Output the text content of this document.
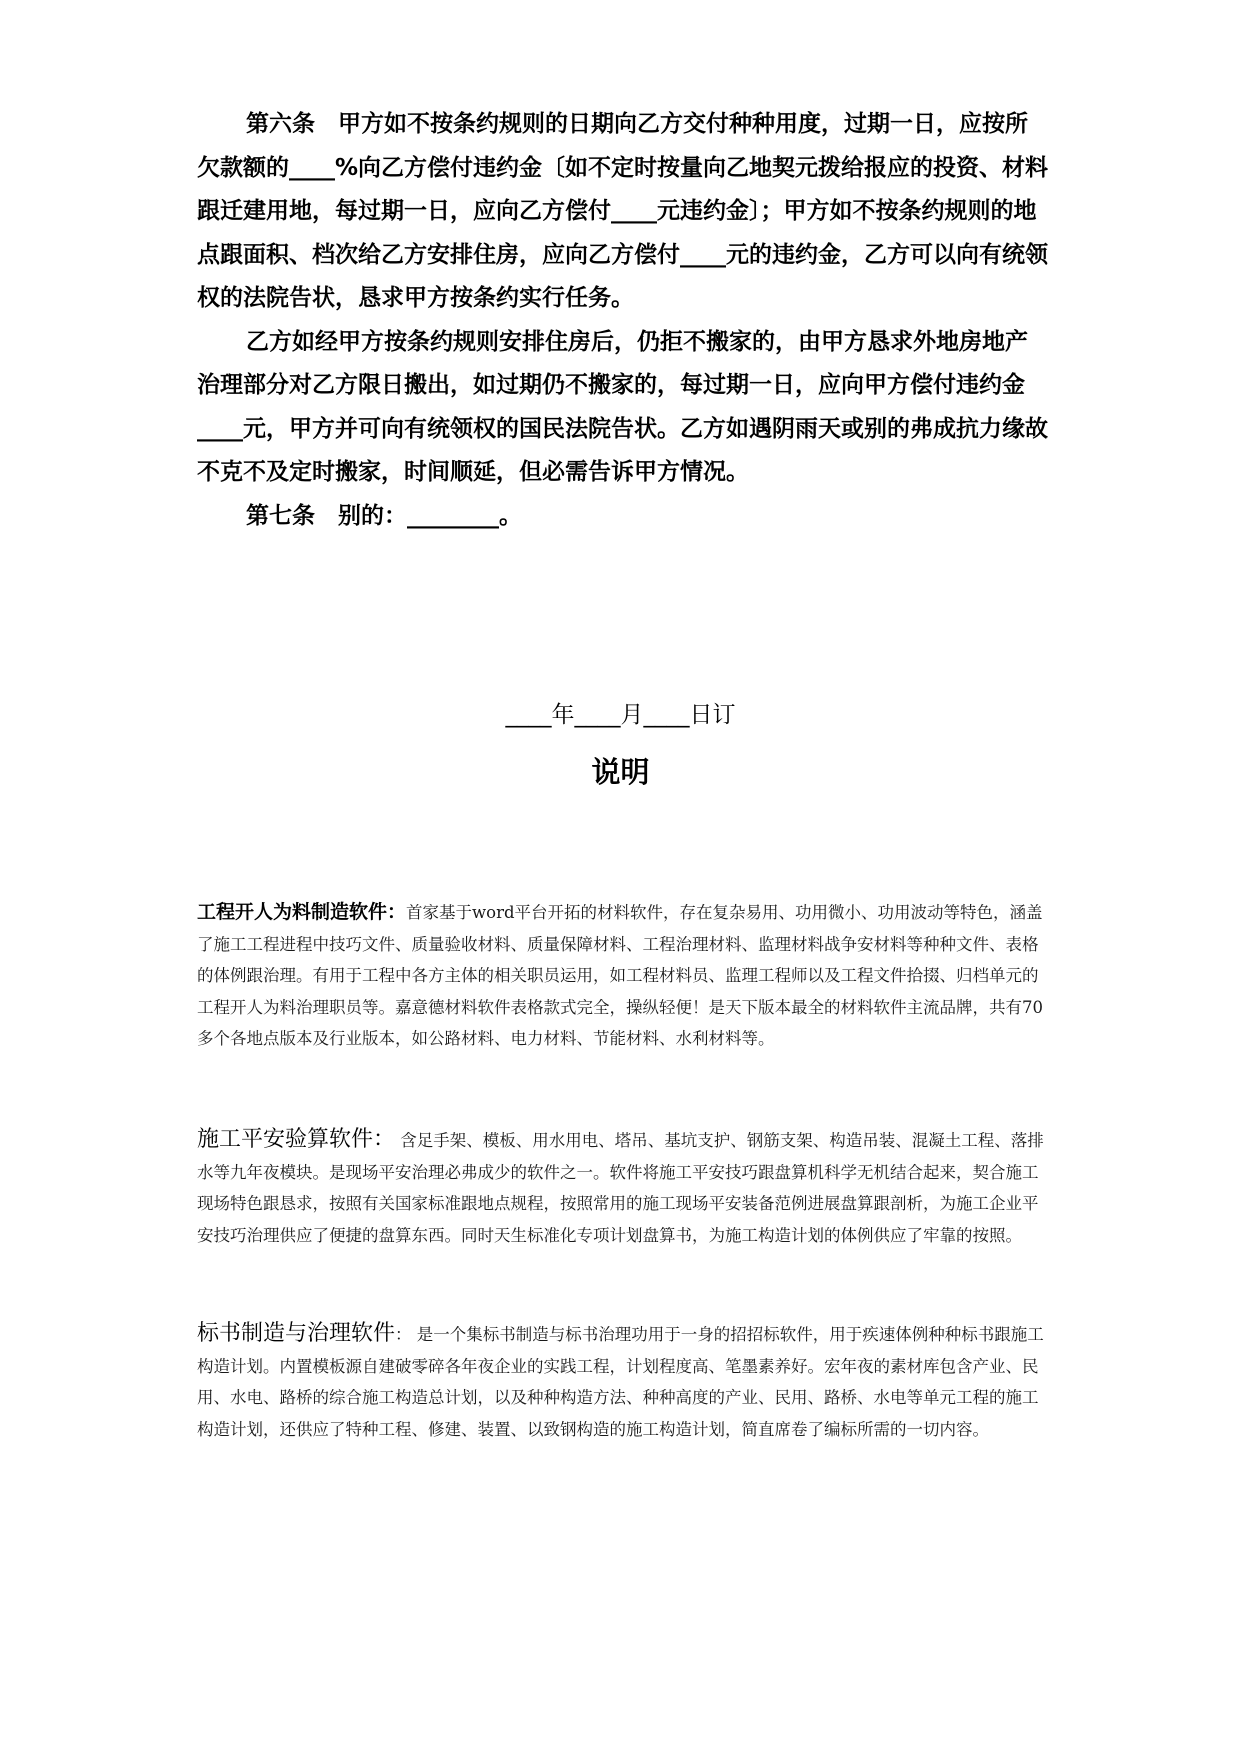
第六条　甲方如不按条约规则的日期向乙方交付种种用度，过期一日，应按所欠款额的____%向乙方偿付违约金〔如不定时按量向乙地契元拨给报应的投资、材料跟迁建用地，每过期一日，应向乙方偿付____元违约金〕；甲方如不按条约规则的地点跟面积、档次给乙方安排住房，应向乙方偿付____元的违约金，乙方可以向有统领权的法院告状，恳求甲方按条约实行任务。

乙方如经甲方按条约规则安排住房后，仍拒不搬家的，由甲方恳求外地房地产治理部分对乙方限日搬出，如过期仍不搬家的，每过期一日，应向甲方偿付违约金____元，甲方并可向有统领权的国民法院告状。乙方如遇阴雨天或别的弗成抗力缘故不克不及定时搬家，时间顺延，但必需告诉甲方情况。

第七条　别的：________。

____年____月____日订
说明

工程开人为料制造软件：首家基于word平台开拓的材料软件，存在复杂易用、功用微小、功用波动等特色，涵盖了施工工程进程中技巧文件、质量验收材料、质量保障材料、工程治理材料、监理材料战争安材料等种种文件、表格的体例跟治理。有用于工程中各方主体的相关职员运用，如工程材料员、监理工程师以及工程文件拾掇、归档单元的工程开人为料治理职员等。嘉意德材料软件表格款式完全，操纵轻便！是天下版本最全的材料软件主流品牌，共有70多个各地点版本及行业版本，如公路材料、电力材料、节能材料、水利材料等。

施工平安验算软件： 含足手架、模板、用水用电、塔吊、基坑支护、钢筋支架、构造吊装、混凝土工程、落排水等九年夜模块。是现场平安治理必弗成少的软件之一。软件将施工平安技巧跟盘算机科学无机结合起来，契合施工现场特色跟恳求，按照有关国家标准跟地点规程，按照常用的施工现场平安装备范例进展盘算跟剖析，为施工企业平安技巧治理供应了便捷的盘算东西。同时天生标准化专项计划盘算书，为施工构造计划的体例供应了牢靠的按照。

标书制造与治理软件： 是一个集标书制造与标书治理功用于一身的招招标软件，用于疾速体例种种标书跟施工构造计划。内置模板源自建破零碎各年夜企业的实践工程，计划程度高、笔墨素养好。宏年夜的素材库包含产业、民用、水电、路桥的综合施工构造总计划，以及种种构造方法、种种高度的产业、民用、路桥、水电等单元工程的施工构造计划，还供应了特种工程、修建、装置、以致钢构造的施工构造计划，简直席卷了编标所需的一切内容。
